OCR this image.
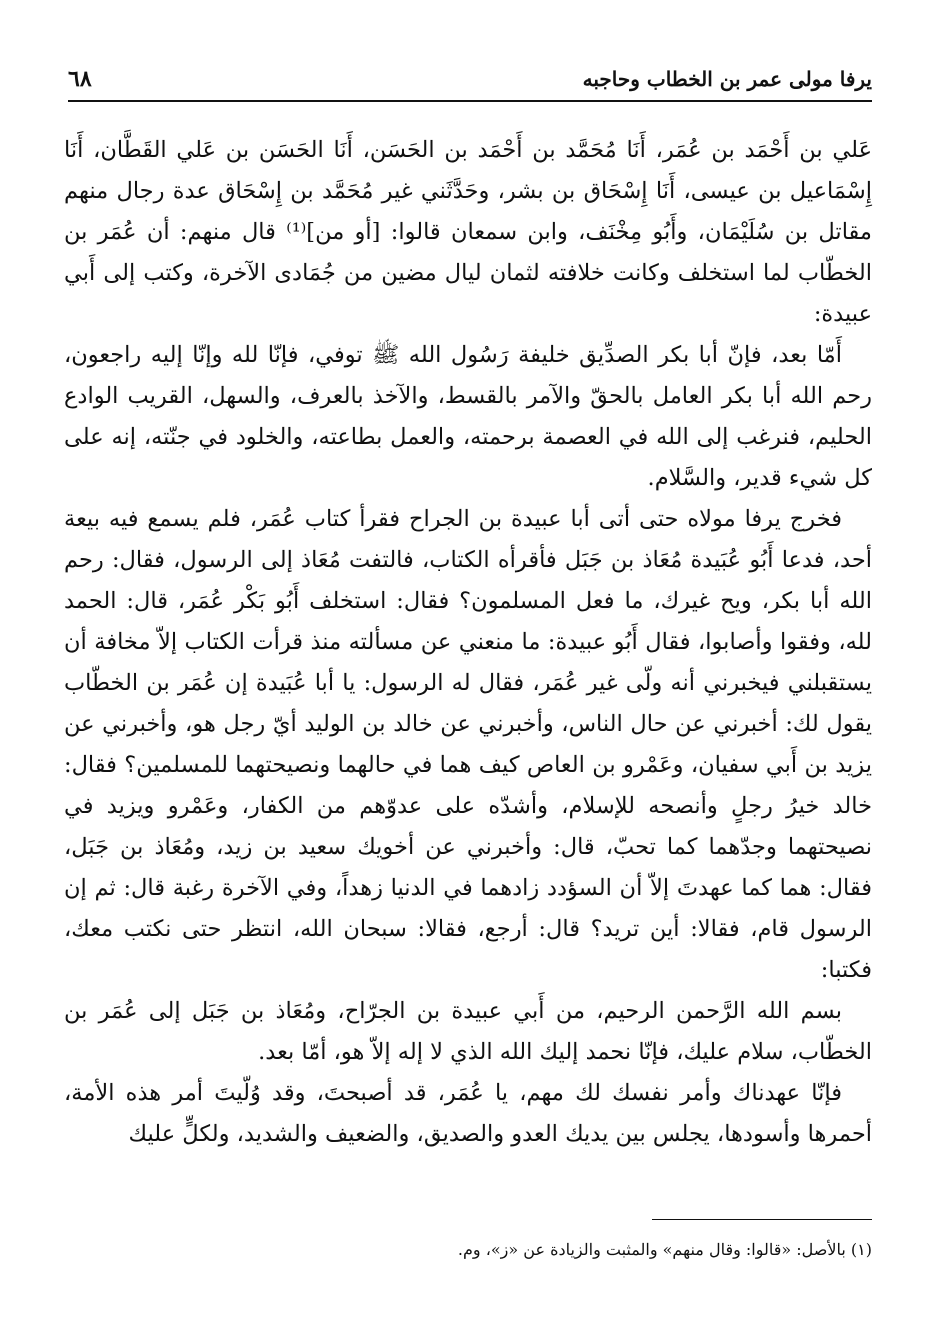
يرفا مولى عمر بن الخطاب وحاجبه
٦٨

عَلي بن أَحْمَد بن عُمَر، أَنَا مُحَمَّد بن أَحْمَد بن الحَسَن، أَنَا الحَسَن بن عَلي القَطَّان، أَنَا إِسْمَاعيل بن عيسى، أَنَا إِسْحَاق بن بشر، وحَدَّثَني غير مُحَمَّد بن إِسْحَاق عدة رجال منهم مقاتل بن سُلَيْمَان، وأَبُو مِخْنَف، وابن سمعان قالوا: [أو من]⁽¹⁾ قال منهم: أن عُمَر بن الخطّاب لما استخلف وكانت خلافته لثمان ليال مضين من جُمَادى الآخرة، وكتب إلى أَبي عبيدة:

أَمّا بعد، فإنّ أبا بكر الصدِّيق خليفة رَسُول الله ﷺ توفي، فإنّا لله وإنّا إليه راجعون، رحم الله أبا بكر العامل بالحقّ والآمر بالقسط، والآخذ بالعرف، والسهل، القريب الوادع الحليم، فنرغب إلى الله في العصمة برحمته، والعمل بطاعته، والخلود في جنّته، إنه على كل شيء قدير، والسَّلام.

فخرج يرفا مولاه حتى أتى أبا عبيدة بن الجراح فقرأ كتاب عُمَر، فلم يسمع فيه بيعة أحد، فدعا أَبُو عُبَيدة مُعَاذ بن جَبَل فأقرأه الكتاب، فالتفت مُعَاذ إلى الرسول، فقال: رحم الله أبا بكر، ويح غيرك، ما فعل المسلمون؟ فقال: استخلف أَبُو بَكْر عُمَر، قال: الحمد لله، وفقوا وأصابوا، فقال أَبُو عبيدة: ما منعني عن مسألته منذ قرأت الكتاب إلاّ مخافة أن يستقبلني فيخبرني أنه ولّى غير عُمَر، فقال له الرسول: يا أبا عُبَيدة إن عُمَر بن الخطّاب يقول لك: أخبرني عن حال الناس، وأخبرني عن خالد بن الوليد أيّ رجل هو، وأخبرني عن يزيد بن أَبي سفيان، وعَمْرو بن العاص كيف هما في حالهما ونصيحتهما للمسلمين؟ فقال: خالد خيرُ رجلٍ وأنصحه للإسلام، وأشدّه على عدوّهم من الكفار، وعَمْرو ويزيد في نصيحتهما وجدّهما كما تحبّ، قال: وأخبرني عن أخويك سعيد بن زيد، ومُعَاذ بن جَبَل، فقال: هما كما عهدتَ إلاّ أن السؤدد زادهما في الدنيا زهداً، وفي الآخرة رغبة قال: ثم إن الرسول قام، فقالا: أين تريد؟ قال: أرجع، فقالا: سبحان الله، انتظر حتى نكتب معك، فكتبا:

بسم الله الرَّحمن الرحيم، من أَبي عبيدة بن الجرّاح، ومُعَاذ بن جَبَل إلى عُمَر بن الخطّاب، سلام عليك، فإنّا نحمد إليك الله الذي لا إله إلاّ هو، أمّا بعد.

فإنّا عهدناك وأمر نفسك لك مهم، يا عُمَر، قد أصبحتَ، وقد وُلّيتَ أمر هذه الأمة، أحمرها وأسودها، يجلس بين يديك العدو والصديق، والضعيف والشديد، ولكلٍّ عليك

(١) بالأصل: «قالوا: وقال منهم» والمثبت والزيادة عن «ز»، وم.
